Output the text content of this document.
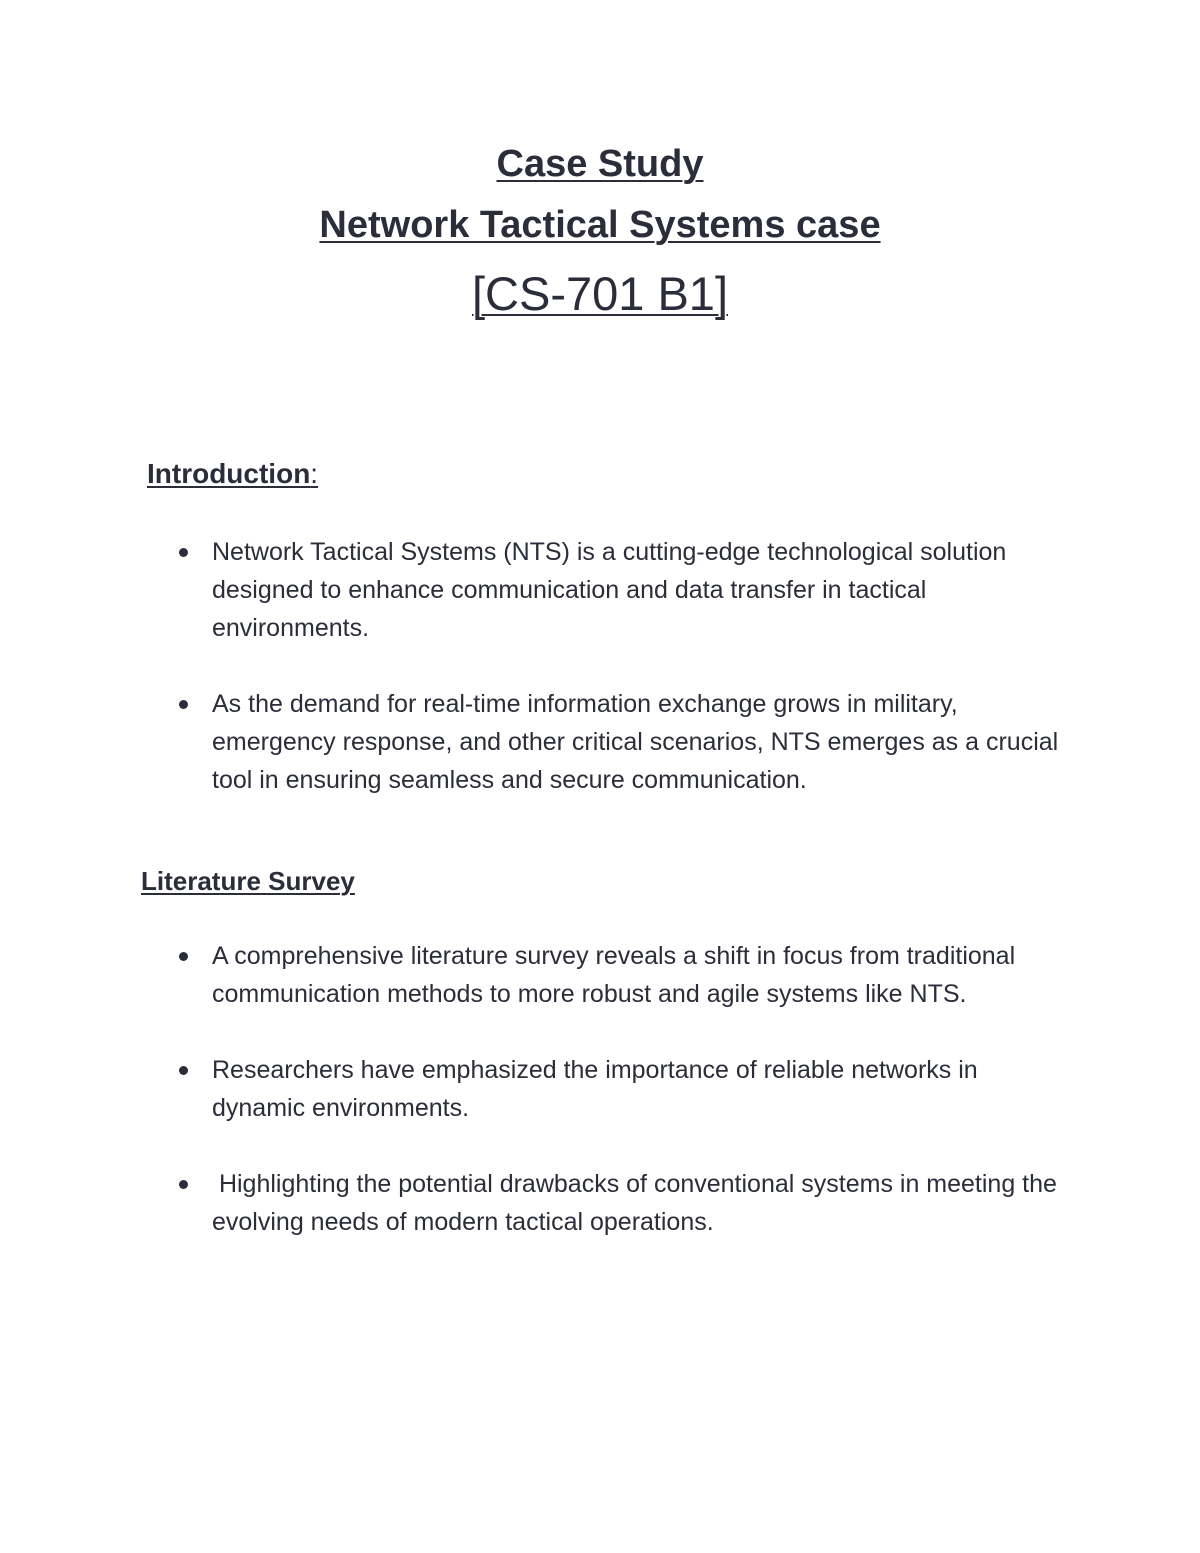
Case Study
Network Tactical Systems case
[CS-701 B1]
Introduction:
Network Tactical Systems (NTS) is a cutting-edge technological solution designed to enhance communication and data transfer in tactical environments.
As the demand for real-time information exchange grows in military, emergency response, and other critical scenarios, NTS emerges as a crucial tool in ensuring seamless and secure communication.
Literature Survey
A comprehensive literature survey reveals a shift in focus from traditional communication methods to more robust and agile systems like NTS.
Researchers have emphasized the importance of reliable networks in dynamic environments.
Highlighting the potential drawbacks of conventional systems in meeting the evolving needs of modern tactical operations.
